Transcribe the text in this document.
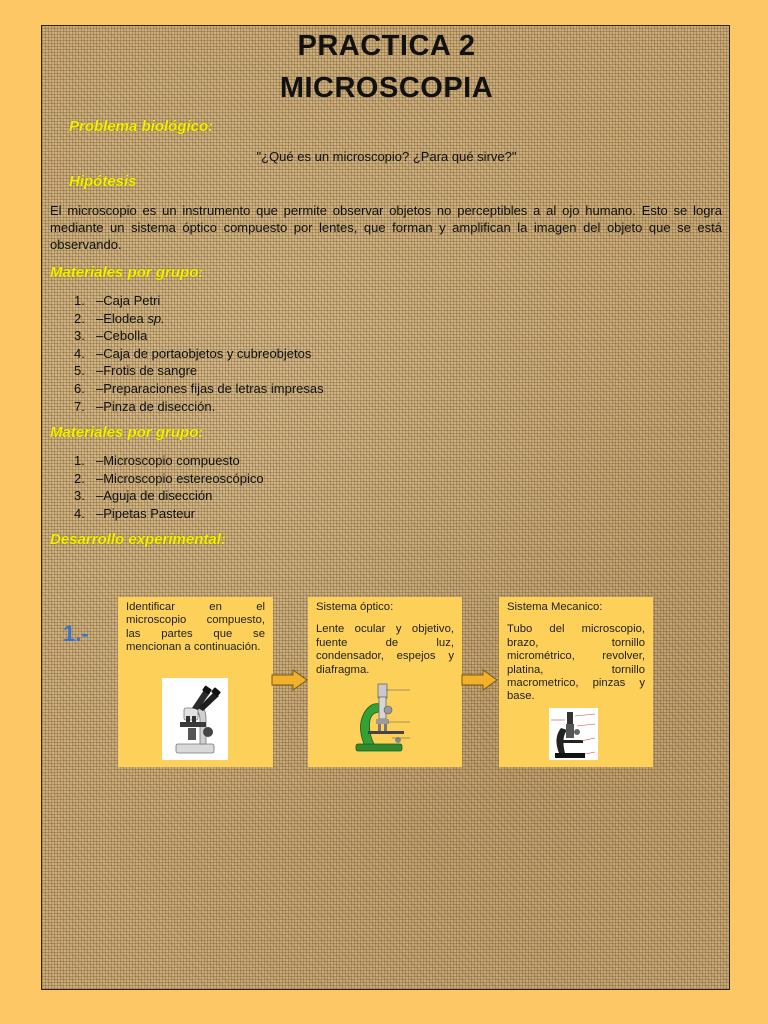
PRACTICA 2
MICROSCOPIA
Problema biológico:
"¿Qué es un microscopio? ¿Para qué sirve?"
Hipótesis
El microscopio es un instrumento que permite observar objetos no perceptibles a al ojo humano. Esto se logra mediante un sistema óptico compuesto por lentes, que forman y amplifican la imagen del objeto que se está observando.
Materiales por grupo:
1. –Caja Petri
2. –Elodea sp.
3. –Cebolla
4. –Caja de portaobjetos y cubreobjetos
5. –Frotis de sangre
6. –Preparaciones fijas de letras impresas
7. –Pinza de disección.
Materiales por grupo:
1. –Microscopio compuesto
2. –Microscopio estereoscópico
3. –Aguja de disección
4. –Pipetas Pasteur
Desarrollo experimental:
1.-
Identificar en el microscopio compuesto, las partes que se mencionan a continuación.
Sistema óptico:
Lente ocular y objetivo, fuente de luz, condensador, espejos y diafragma.
Sistema Mecanico:
Tubo del microscopio, brazo, tornillo micrométrico, revolver, platina, tornillo macrometrico, pinzas y base.
